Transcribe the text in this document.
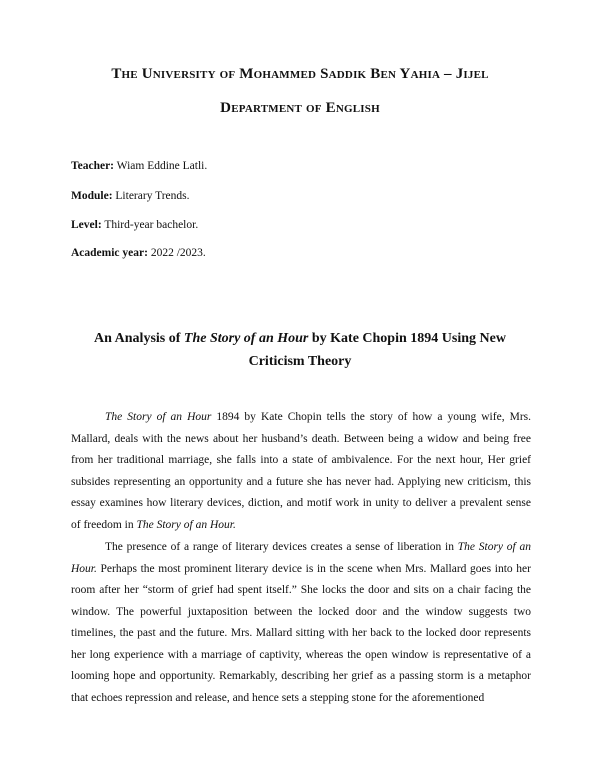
The University of Mohammed Saddik Ben Yahia – Jijel
Department of English
Teacher: Wiam Eddine Latli.
Module: Literary Trends.
Level: Third-year bachelor.
Academic year: 2022 /2023.
An Analysis of The Story of an Hour by Kate Chopin 1894 Using New
Criticism Theory

The Story of an Hour 1894 by Kate Chopin tells the story of how a young wife, Mrs. Mallard, deals with the news about her husband’s death. Between being a widow and being free from her traditional marriage, she falls into a state of ambivalence. For the next hour, Her grief subsides representing an opportunity and a future she has never had. Applying new criticism, this essay examines how literary devices, diction, and motif work in unity to deliver a prevalent sense of freedom in The Story of an Hour.

The presence of a range of literary devices creates a sense of liberation in The Story of an Hour. Perhaps the most prominent literary device is in the scene when Mrs. Mallard goes into her room after her “storm of grief had spent itself.” She locks the door and sits on a chair facing the window. The powerful juxtaposition between the locked door and the window suggests two timelines, the past and the future. Mrs. Mallard sitting with her back to the locked door represents her long experience with a marriage of captivity, whereas the open window is representative of a looming hope and opportunity. Remarkably, describing her grief as a passing storm is a metaphor that echoes repression and release, and hence sets a stepping stone for the aforementioned
